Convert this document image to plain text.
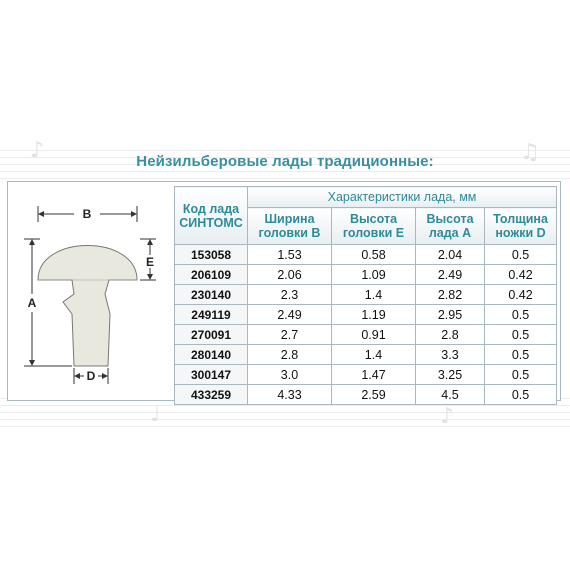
♪	♫
♩	♪
Нейзильберовые лады традиционные:
B
E
A
D
Код лада СИНТОМС	Характеристики лада, мм			
	Ширина головки В	Высота головки Е	Высота лада А	Толщина ножки D
153058	1.53	0.58	2.04	0.5
206109	2.06	1.09	2.49	0.42
230140	2.3	1.4	2.82	0.42
249119	2.49	1.19	2.95	0.5
270091	2.7	0.91	2.8	0.5
280140	2.8	1.4	3.3	0.5
300147	3.0	1.47	3.25	0.5
433259	4.33	2.59	4.5	0.5
